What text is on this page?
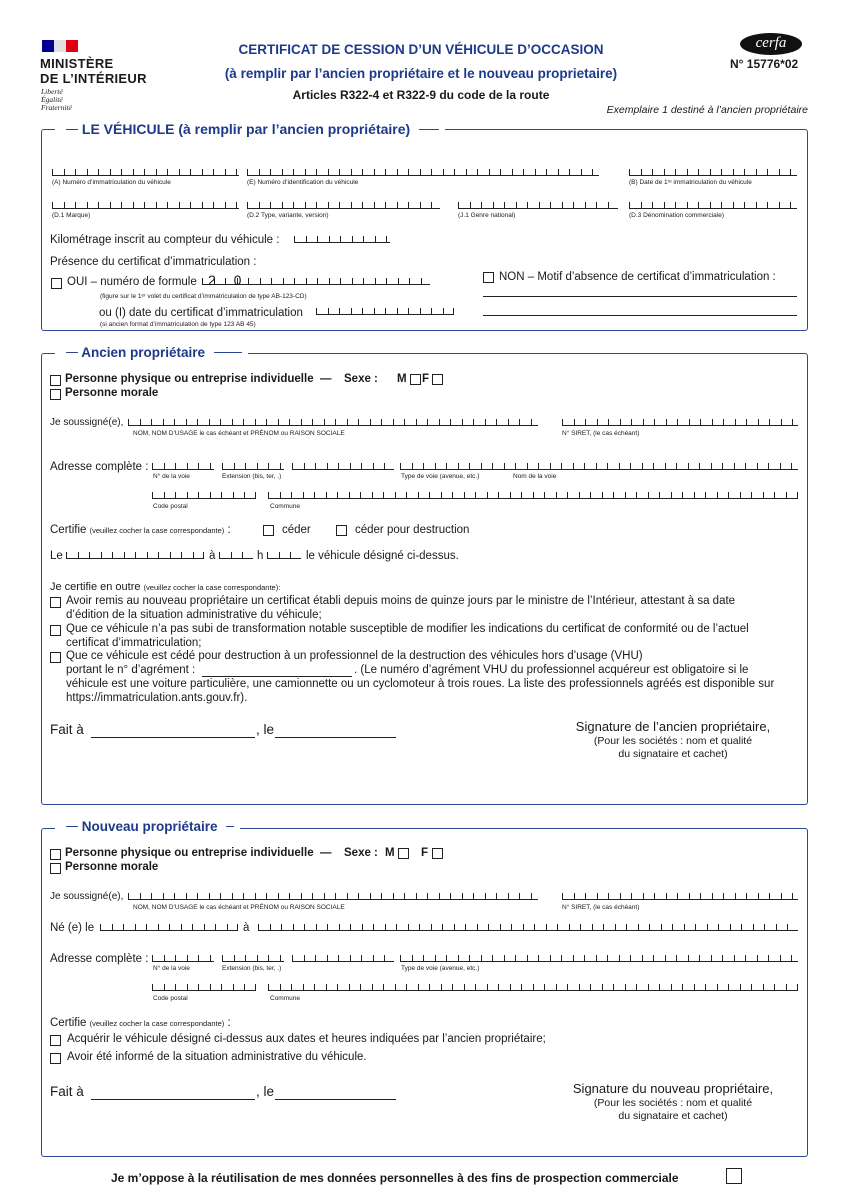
MINISTÈRE
DE L’INTÉRIEUR
Liberté
Égalité
Fraternité
CERTIFICAT DE CESSION D’UN VÉHICULE D’OCCASION
(à remplir par l’ancien propriétaire et le nouveau proprietaire)
Articles R322-4 et R322-9 du code de la route
cerfa
N° 15776*02
Exemplaire 1 destiné à l’ancien propriétaire
LE VÉHICULE (à remplir par l’ancien propriétaire)
(A) Numéro d’immatriculation du véhicule	(E) Numéro d’identification du véhicule	(B) Date de 1ʳᵉ immatriculation du véhicule
(D.1 Marque)	(D.2 Type, variante, version)	(J.1 Genre national)	(D.3 Dénomination commerciale)
Kilométrage inscrit au compteur du véhicule :
Présence du certificat d’immatriculation :
OUI – numéro de formule 2 0
(figure sur le 1ᵉʳ volet du certificat d’immatriculation de type AB-123-CD)
ou (I) date du certificat d’immatriculation
(si ancien format d’immatriculation de type 123 AB 45)
NON – Motif d’absence de certificat d’immatriculation :
Ancien propriétaire
Personne physique ou entreprise individuelle — Sexe : M F
Personne morale
Je soussigné(e),
NOM, NOM D’USAGE le cas échéant et PRÉNOM ou RAISON SOCIALE	N° SIRET, (le cas échéant)
Adresse complète :
N° de la voie	Extension (bis, ter, .)	Type de voie (avenue, etc.)	Nom de la voie
Code postal	Commune
Certifie (veuillez cocher la case correspondante) :	céder	céder pour destruction
Le	à	h	le véhicule désigné ci-dessus.
Je certifie en outre (veuillez cocher la case correspondante):
Avoir remis au nouveau propriétaire un certificat établi depuis moins de quinze jours par le ministre de l’Intérieur, attestant à sa date
d’édition de la situation administrative du véhicule;
Que ce véhicule n’a pas subi de transformation notable susceptible de modifier les indications du certificat de conformité ou de l’actuel
certificat d’immatriculation;
Que ce véhicule est cédé pour destruction à un professionnel de la destruction des véhicules hors d’usage (VHU)
portant le n° d’agrément :	. (Le numéro d’agrément VHU du professionnel acquéreur est obligatoire si le
véhicule est une voiture particulière, une camionnette ou un cyclomoteur à trois roues. La liste des professionnels agréés est disponible sur
https://immatriculation.ants.gouv.fr).
Fait à	, le	Signature de l’ancien propriétaire,
(Pour les sociétés : nom et qualité
du signataire et cachet)
Nouveau propriétaire
Personne physique ou entreprise individuelle — Sexe : M F
Personne morale
Je soussigné(e),
NOM, NOM D’USAGE le cas échéant et PRÉNOM ou RAISON SOCIALE	N° SIRET, (le cas échéant)
Né (e) le	à
Adresse complète :
N° de la voie	Extension (bis, ter, .)	Type de voie (avenue, etc.)
Code postal	Commune
Certifie (veuillez cocher la case correspondante) :
Acquérir le véhicule désigné ci-dessus aux dates et heures indiquées par l’ancien propriétaire;
Avoir été informé de la situation administrative du véhicule.
Fait à	, le	Signature du nouveau propriétaire,
(Pour les sociétés : nom et qualité
du signataire et cachet)
Je m’oppose à la réutilisation de mes données personnelles à des fins de prospection commerciale
